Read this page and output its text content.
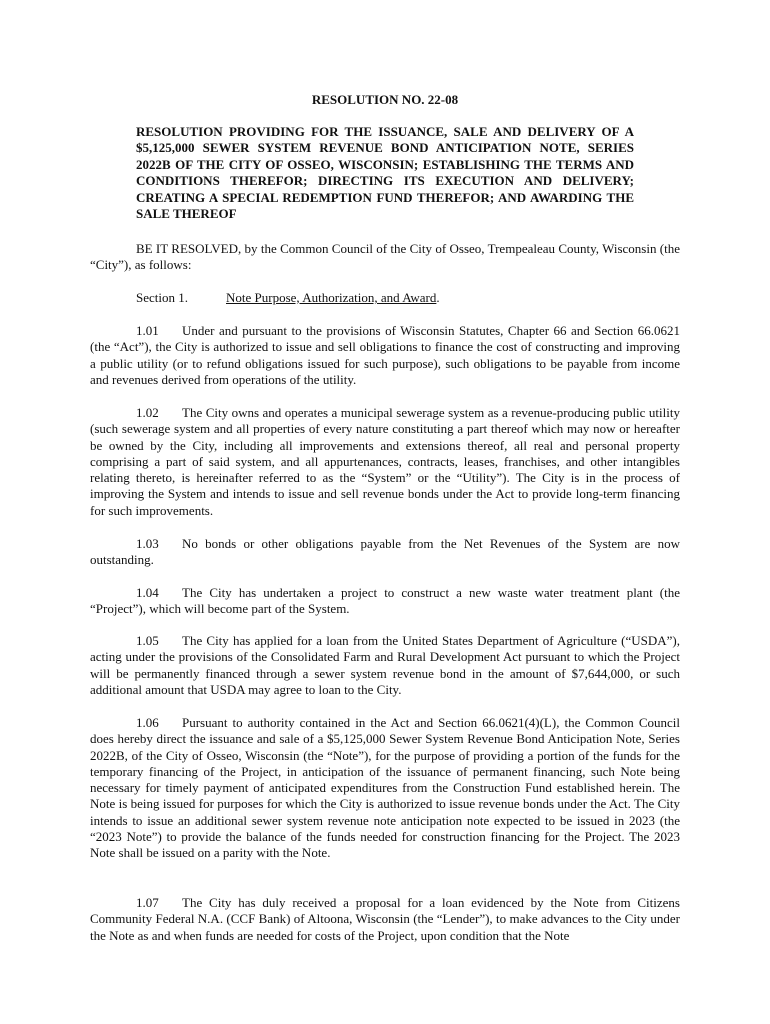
RESOLUTION NO. 22-08
RESOLUTION PROVIDING FOR THE ISSUANCE, SALE AND DELIVERY OF A $5,125,000 SEWER SYSTEM REVENUE BOND ANTICIPATION NOTE, SERIES 2022B OF THE CITY OF OSSEO, WISCONSIN; ESTABLISHING THE TERMS AND CONDITIONS THEREFOR; DIRECTING ITS EXECUTION AND DELIVERY; CREATING A SPECIAL REDEMPTION FUND THEREFOR; AND AWARDING THE SALE THEREOF

BE IT RESOLVED, by the Common Council of the City of Osseo, Trempealeau County, Wisconsin (the “City”), as follows:

Section 1.	Note Purpose, Authorization, and Award.

1.01 Under and pursuant to the provisions of Wisconsin Statutes, Chapter 66 and Section 66.0621 (the “Act”), the City is authorized to issue and sell obligations to finance the cost of constructing and improving a public utility (or to refund obligations issued for such purpose), such obligations to be payable from income and revenues derived from operations of the utility.

1.02 The City owns and operates a municipal sewerage system as a revenue-producing public utility (such sewerage system and all properties of every nature constituting a part thereof which may now or hereafter be owned by the City, including all improvements and extensions thereof, all real and personal property comprising a part of said system, and all appurtenances, contracts, leases, franchises, and other intangibles relating thereto, is hereinafter referred to as the “System” or the “Utility”). The City is in the process of improving the System and intends to issue and sell revenue bonds under the Act to provide long-term financing for such improvements.

1.03 No bonds or other obligations payable from the Net Revenues of the System are now outstanding.

1.04 The City has undertaken a project to construct a new waste water treatment plant (the “Project”), which will become part of the System.

1.05 The City has applied for a loan from the United States Department of Agriculture (“USDA”), acting under the provisions of the Consolidated Farm and Rural Development Act pursuant to which the Project will be permanently financed through a sewer system revenue bond in the amount of $7,644,000, or such additional amount that USDA may agree to loan to the City.

1.06 Pursuant to authority contained in the Act and Section 66.0621(4)(L), the Common Council does hereby direct the issuance and sale of a $5,125,000 Sewer System Revenue Bond Anticipation Note, Series 2022B, of the City of Osseo, Wisconsin (the “Note”), for the purpose of providing a portion of the funds for the temporary financing of the Project, in anticipation of the issuance of permanent financing, such Note being necessary for timely payment of anticipated expenditures from the Construction Fund established herein. The Note is being issued for purposes for which the City is authorized to issue revenue bonds under the Act. The City intends to issue an additional sewer system revenue note anticipation note expected to be issued in 2023 (the “2023 Note”) to provide the balance of the funds needed for construction financing for the Project. The 2023 Note shall be issued on a parity with the Note.

1.07 The City has duly received a proposal for a loan evidenced by the Note from Citizens Community Federal N.A. (CCF Bank) of Altoona, Wisconsin (the “Lender”), to make advances to the City under the Note as and when funds are needed for costs of the Project, upon condition that the Note
